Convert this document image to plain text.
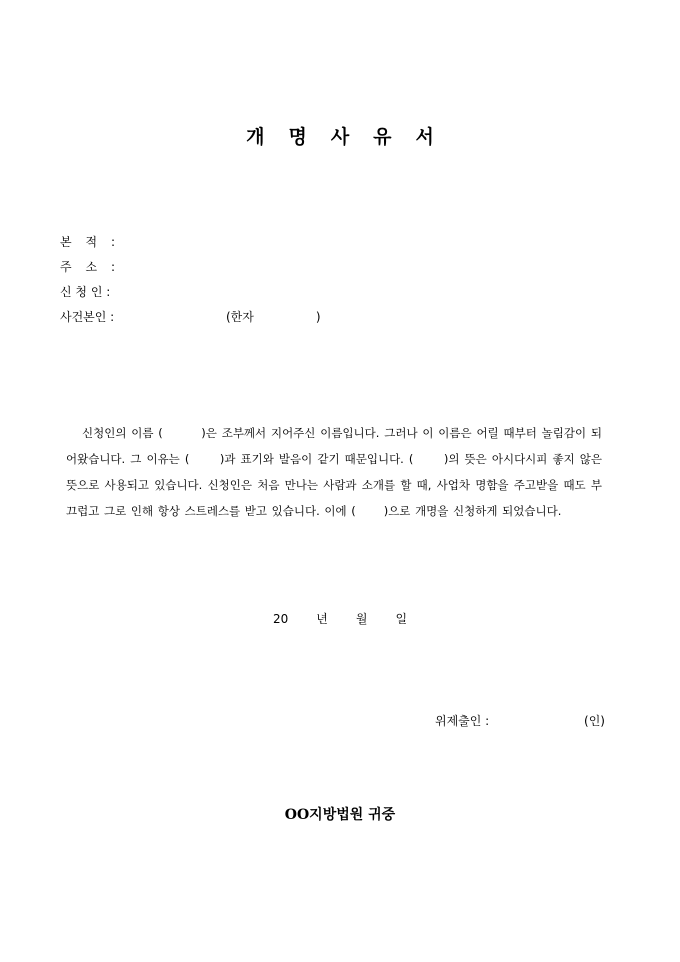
개 명 사 유 서
본 적 :
주 소 :
신 청 인 :
사건본인 :	(한자	)
신청인의 이름 (        )은 조부께서 지어주신 이름입니다. 그러나 이 이름은 어릴 때부터 놀림감이 되어왔습니다. 그 이유는 (      )과 표기와 발음이 같기 때문입니다. (      )의 뜻은 아시다시피 좋지 않은 뜻으로 사용되고 있습니다. 신청인은 처음 만나는 사람과 소개를 할 때, 사업차 명함을 주고받을 때도 부끄럽고 그로 인해 항상 스트레스를 받고 있습니다. 이에 (      )으로 개명을 신청하게 되었습니다.
20 년 월 일
위제출인 :	(인)
OO지방법원 귀중
